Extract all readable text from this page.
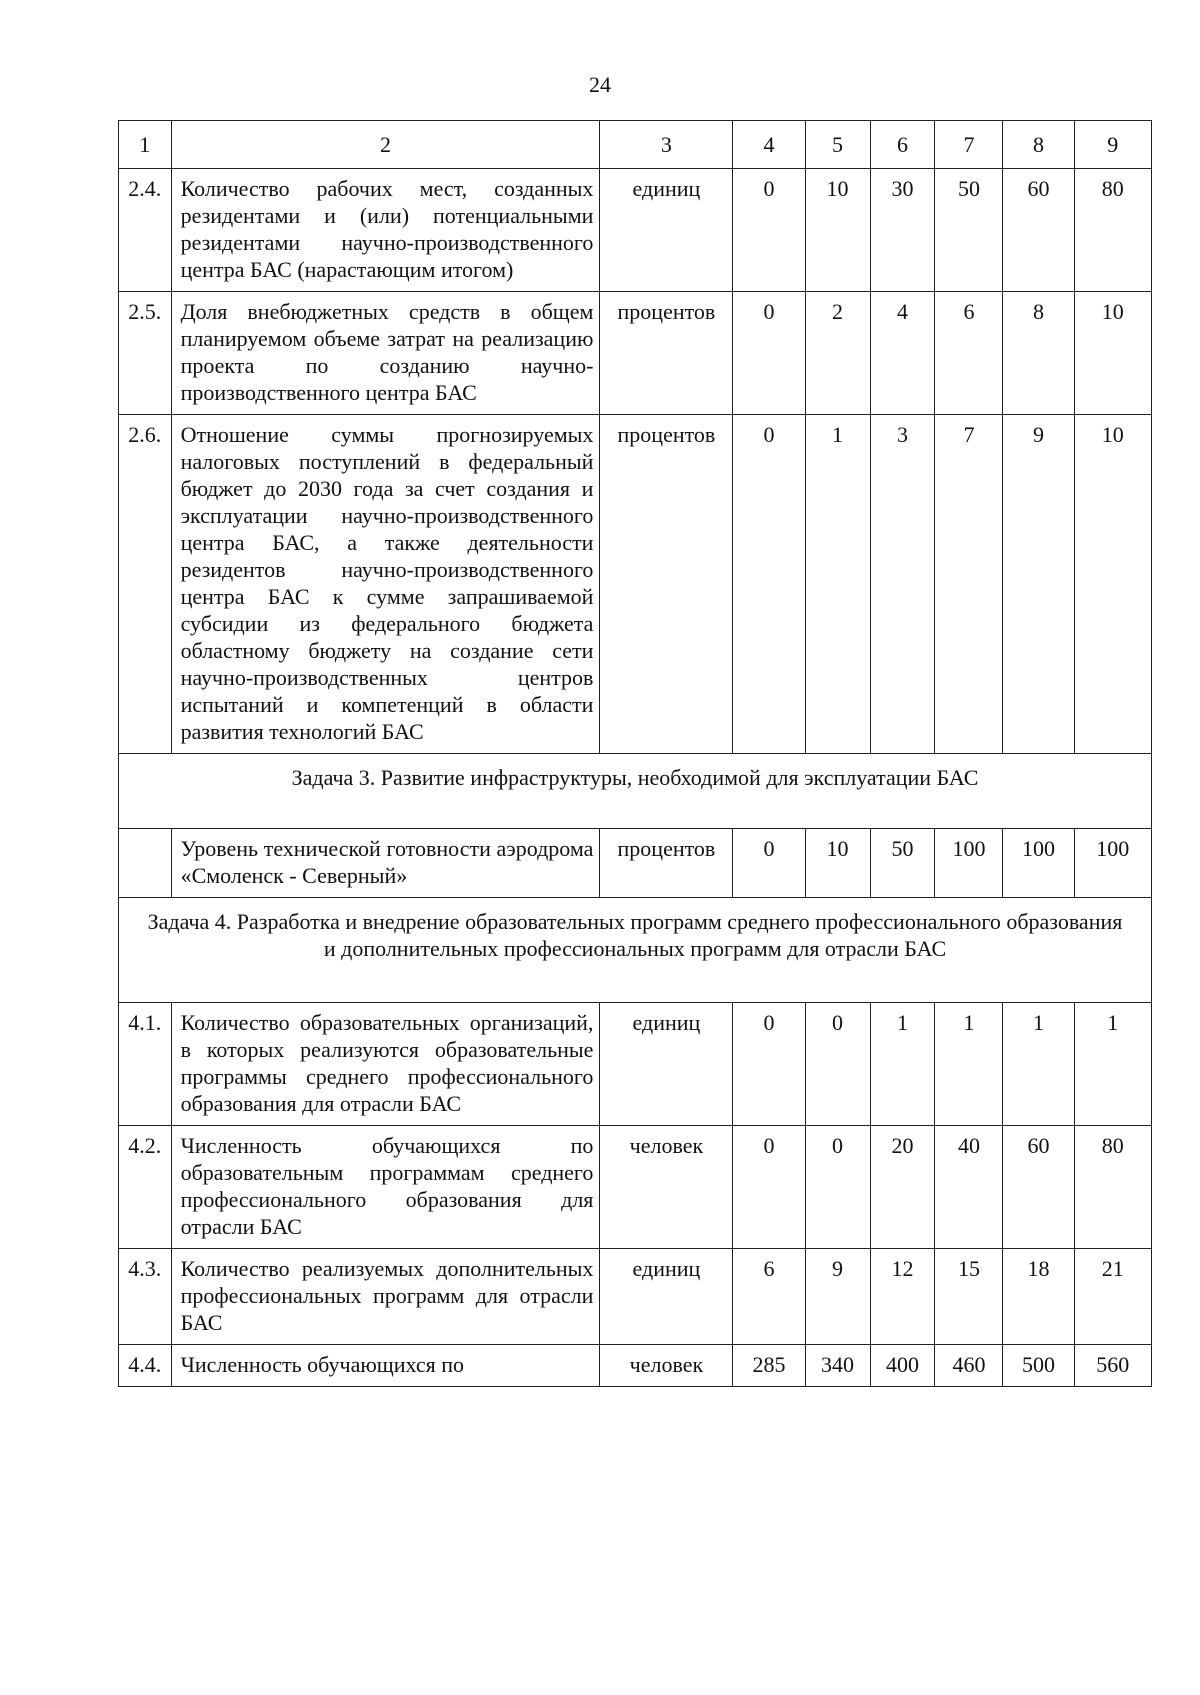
24
1	2	3	4	5	6	7	8	9
2.4.	Количество рабочих мест, созданных резидентами и (или) потенциальными резидентами научно-производственного центра БАС (нарастающим итогом)	единиц	0	10	30	50	60	80
2.5.	Доля внебюджетных средств в общем планируемом объеме затрат на реализацию проекта по созданию научно-производственного центра БАС	процентов	0	2	4	6	8	10
2.6.	Отношение суммы прогнозируемых налоговых поступлений в федеральный бюджет до 2030 года за счет создания и эксплуатации научно-производственного центра БАС, а также деятельности резидентов научно-производственного центра БАС к сумме запрашиваемой субсидии из федерального бюджета областному бюджету на создание сети научно-производственных центров испытаний и компетенций в области развития технологий БАС	процентов	0	1	3	7	9	10
Задача 3. Развитие инфраструктуры, необходимой для эксплуатации БАС								
	Уровень технической готовности аэродрома «Смоленск - Северный»	процентов	0	10	50	100	100	100
Задача 4. Разработка и внедрение образовательных программ среднего профессионального образования и дополнительных профессиональных программ для отрасли БАС								
4.1.	Количество образовательных организаций, в которых реализуются образовательные программы среднего профессионального образования для отрасли БАС	единиц	0	0	1	1	1	1
4.2.	Численность обучающихся по образовательным программам среднего профессионального образования для отрасли БАС	человек	0	0	20	40	60	80
4.3.	Количество реализуемых дополнительных профессиональных программ для отрасли БАС	единиц	6	9	12	15	18	21
4.4.	Численность обучающихся по	человек	285	340	400	460	500	560
